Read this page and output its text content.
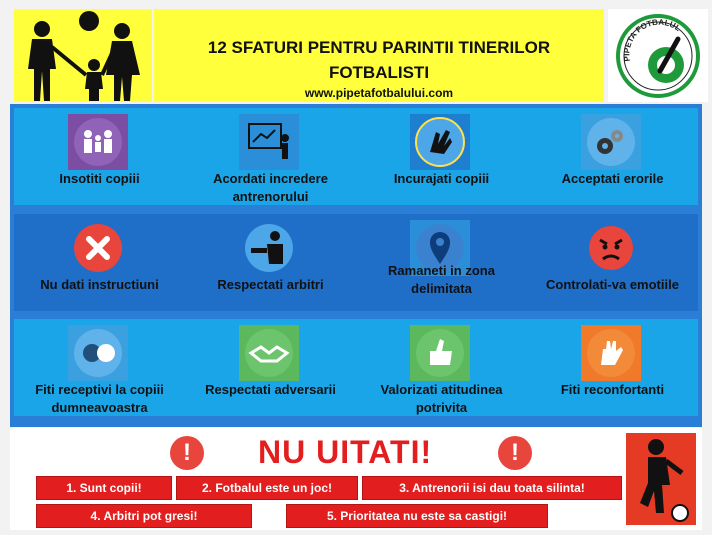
12 SFATURI PENTRU PARINTII TINERILOR
FOTBALISTI
www.pipetafotbalului.com
PIPETA FOTBALUL
Insotiti copiii	Acordati incredere antrenorului
Incurajati copiii	Acceptati erorile
Nu dati instructiuni	Respectati arbitri
Ramaneti in zona delimitata	Controlati-va emotiile
Fiti receptivi la copiii dumneavoastra
Respectati adversarii	Valorizati atitudinea potrivita
Fiti reconfortanti
!	NU UITATI!	!
1. Sunt copii!	2. Fotbalul este un joc!	3. Antrenorii isi dau toata silinta!
4. Arbitri pot gresi!	5. Prioritatea nu este sa castigi!
